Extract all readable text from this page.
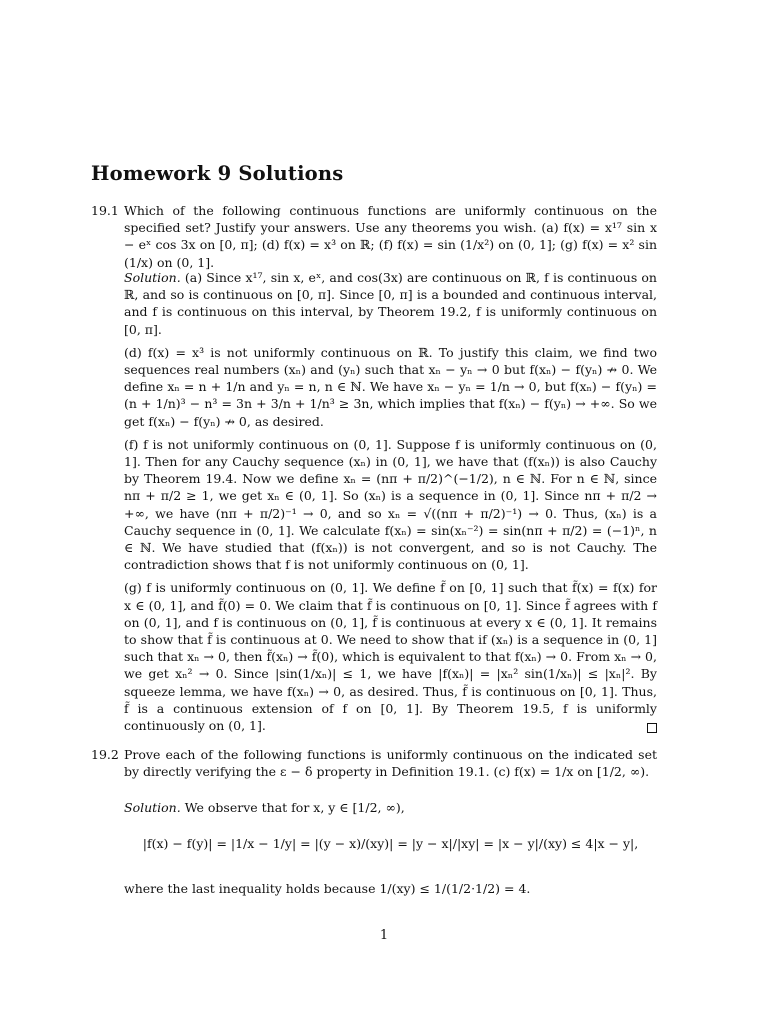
Homework 9 Solutions
19.1 Which of the following continuous functions are uniformly continuous on the specified set? Justify your answers. Use any theorems you wish. (a) f(x) = x¹⁷ sin x − eˣ cos 3x on [0, π]; (d) f(x) = x³ on ℝ; (f) f(x) = sin (1/x²) on (0, 1]; (g) f(x) = x² sin (1/x) on (0, 1].

Solution. (a) Since x¹⁷, sin x, eˣ, and cos(3x) are continuous on ℝ, f is continuous on ℝ, and so is continuous on [0, π]. Since [0, π] is a bounded and continuous interval, and f is continuous on this interval, by Theorem 19.2, f is uniformly continuous on [0, π].

(d) f(x) = x³ is not uniformly continuous on ℝ. To justify this claim, we find two sequences real numbers (xₙ) and (yₙ) such that xₙ − yₙ → 0 but f(xₙ) − f(yₙ) ↛ 0. We define xₙ = n + 1/n and yₙ = n, n ∈ ℕ. We have xₙ − yₙ = 1/n → 0, but f(xₙ) − f(yₙ) = (n + 1/n)³ − n³ = 3n + 3/n + 1/n³ ≥ 3n, which implies that f(xₙ) − f(yₙ) → +∞. So we get f(xₙ) − f(yₙ) ↛ 0, as desired.

(f) f is not uniformly continuous on (0, 1]. Suppose f is uniformly continuous on (0, 1]. Then for any Cauchy sequence (xₙ) in (0, 1], we have that (f(xₙ)) is also Cauchy by Theorem 19.4. Now we define xₙ = (nπ + π/2)^(−1/2), n ∈ ℕ. For n ∈ ℕ, since nπ + π/2 ≥ 1, we get xₙ ∈ (0, 1]. So (xₙ) is a sequence in (0, 1]. Since nπ + π/2 → +∞, we have (nπ + π/2)⁻¹ → 0, and so xₙ = √((nπ + π/2)⁻¹) → 0. Thus, (xₙ) is a Cauchy sequence in (0, 1]. We calculate f(xₙ) = sin(xₙ⁻²) = sin(nπ + π/2) = (−1)ⁿ, n ∈ ℕ. We have studied that (f(xₙ)) is not convergent, and so is not Cauchy. The contradiction shows that f is not uniformly continuous on (0, 1].

(g) f is uniformly continuous on (0, 1]. We define f̃ on [0, 1] such that f̃(x) = f(x) for x ∈ (0, 1], and f̃(0) = 0. We claim that f̃ is continuous on [0, 1]. Since f̃ agrees with f on (0, 1], and f is continuous on (0, 1], f̃ is continuous at every x ∈ (0, 1]. It remains to show that f̃ is continuous at 0. We need to show that if (xₙ) is a sequence in (0, 1] such that xₙ → 0, then f̃(xₙ) → f̃(0), which is equivalent to that f(xₙ) → 0. From xₙ → 0, we get xₙ² → 0. Since |sin(1/xₙ)| ≤ 1, we have |f(xₙ)| = |xₙ² sin(1/xₙ)| ≤ |xₙ|². By squeeze lemma, we have f(xₙ) → 0, as desired. Thus, f̃ is continuous on [0, 1]. Thus, f̃ is a continuous extension of f on [0, 1]. By Theorem 19.5, f is uniformly continuously on (0, 1].

19.2 Prove each of the following functions is uniformly continuous on the indicated set by directly verifying the ε − δ property in Definition 19.1. (c) f(x) = 1/x on [1/2, ∞).
Solution. We observe that for x, y ∈ [1/2, ∞),
|f(x) − f(y)| = |1/x − 1/y| = |(y − x)/(xy)| = |y − x|/|xy| = |x − y|/(xy) ≤ 4|x − y|,
where the last inequality holds because 1/(xy) ≤ 1/(1/2·1/2) = 4.
1
